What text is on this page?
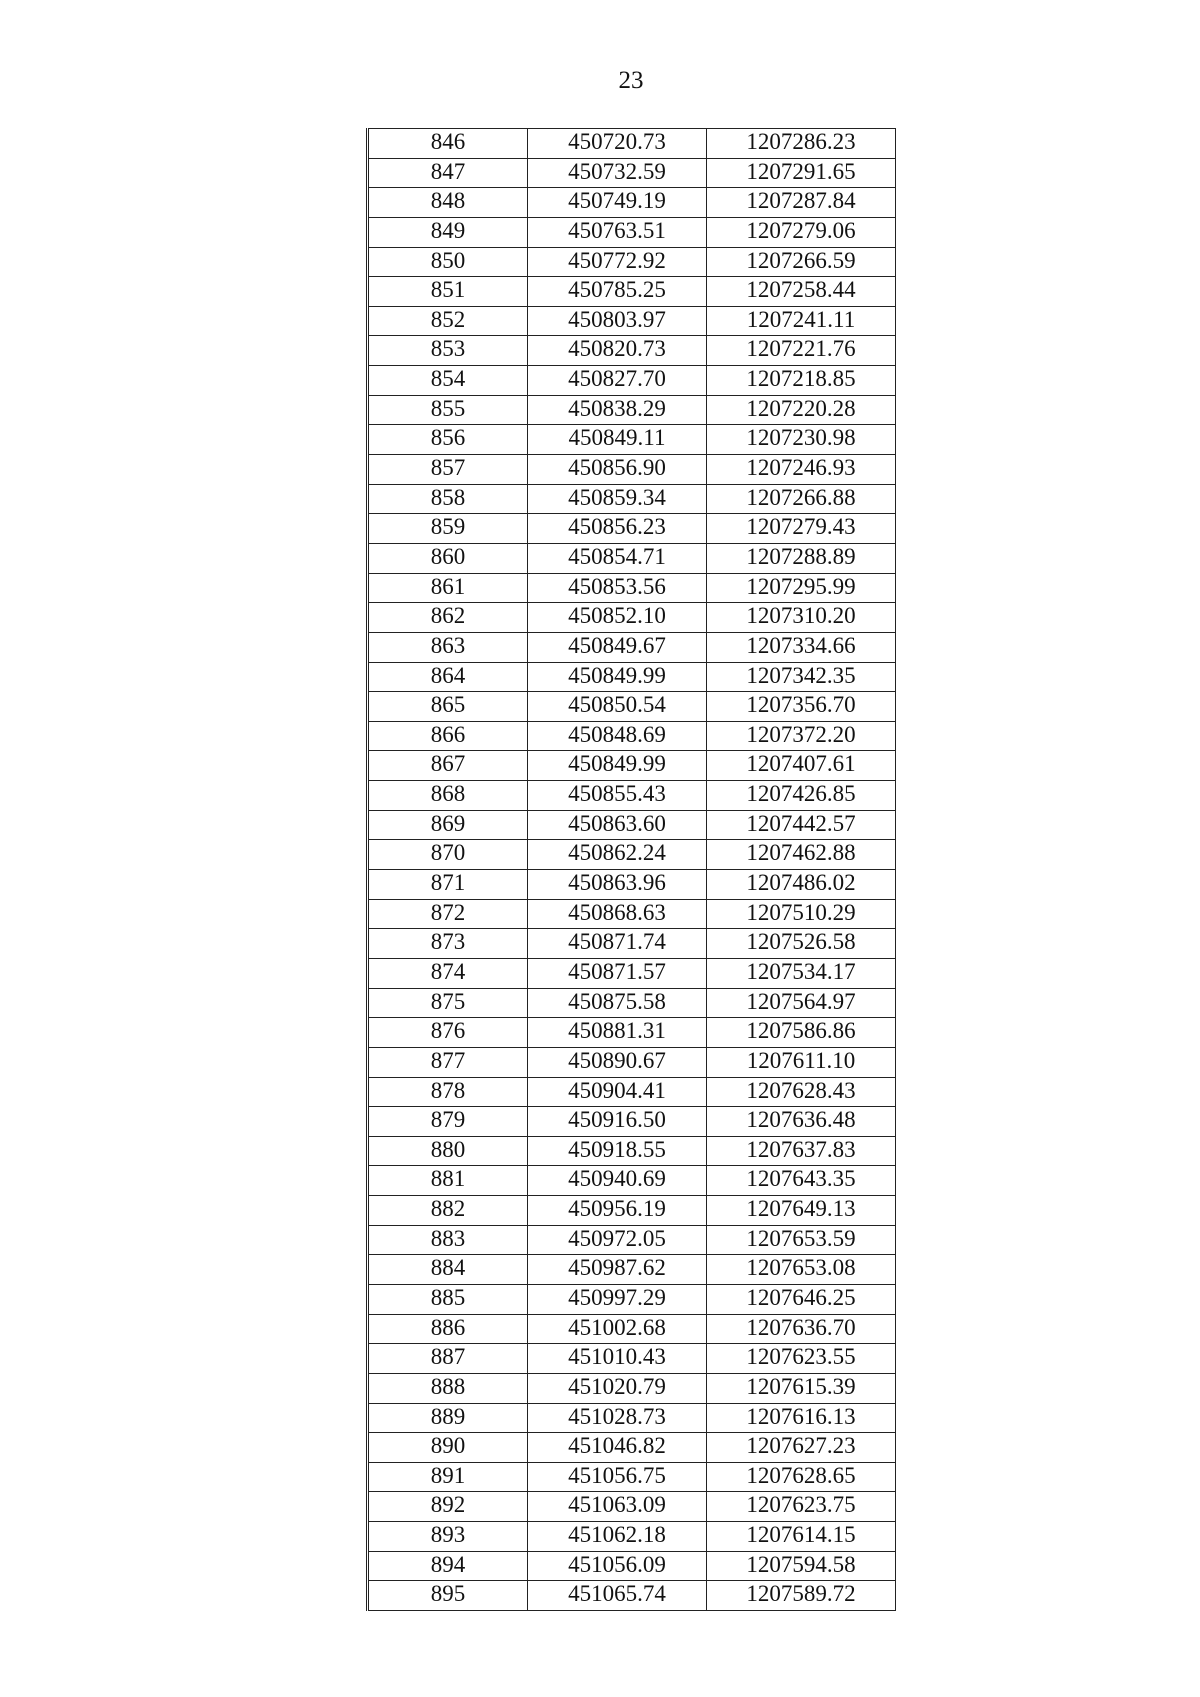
23
846	450720.73	1207286.23
847	450732.59	1207291.65
848	450749.19	1207287.84
849	450763.51	1207279.06
850	450772.92	1207266.59
851	450785.25	1207258.44
852	450803.97	1207241.11
853	450820.73	1207221.76
854	450827.70	1207218.85
855	450838.29	1207220.28
856	450849.11	1207230.98
857	450856.90	1207246.93
858	450859.34	1207266.88
859	450856.23	1207279.43
860	450854.71	1207288.89
861	450853.56	1207295.99
862	450852.10	1207310.20
863	450849.67	1207334.66
864	450849.99	1207342.35
865	450850.54	1207356.70
866	450848.69	1207372.20
867	450849.99	1207407.61
868	450855.43	1207426.85
869	450863.60	1207442.57
870	450862.24	1207462.88
871	450863.96	1207486.02
872	450868.63	1207510.29
873	450871.74	1207526.58
874	450871.57	1207534.17
875	450875.58	1207564.97
876	450881.31	1207586.86
877	450890.67	1207611.10
878	450904.41	1207628.43
879	450916.50	1207636.48
880	450918.55	1207637.83
881	450940.69	1207643.35
882	450956.19	1207649.13
883	450972.05	1207653.59
884	450987.62	1207653.08
885	450997.29	1207646.25
886	451002.68	1207636.70
887	451010.43	1207623.55
888	451020.79	1207615.39
889	451028.73	1207616.13
890	451046.82	1207627.23
891	451056.75	1207628.65
892	451063.09	1207623.75
893	451062.18	1207614.15
894	451056.09	1207594.58
895	451065.74	1207589.72
